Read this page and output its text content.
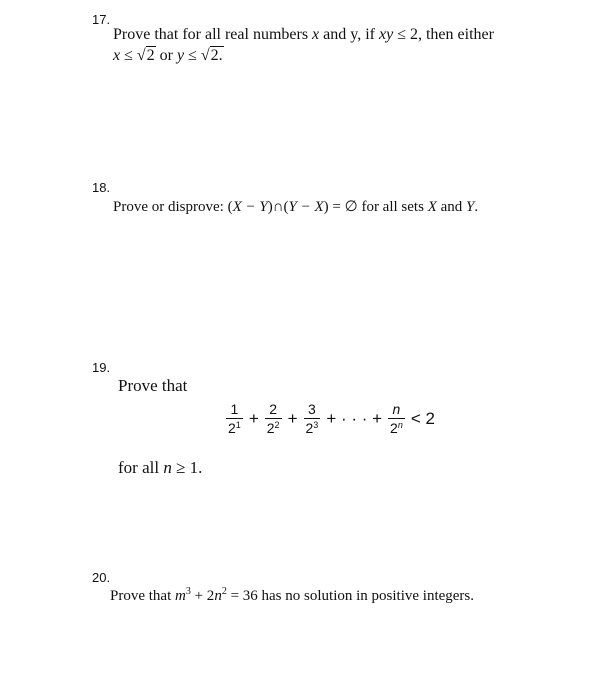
17.
Prove that for all real numbers x and y, if xy ≤ 2, then either
x ≤ √2 or y ≤ √2.
18.
Prove or disprove: (X − Y)∩(Y − X) = ∅ for all sets X and Y.
19.
Prove that
$\frac{1}{2^1} + \frac{2}{2^2} + \frac{3}{2^3}$ + · · · + $\frac{n}{2^n} < 2$
for all n ≥ 1.
20.
Prove that $m^3 + 2n^2 = 36$ has no solution in positive integers.
